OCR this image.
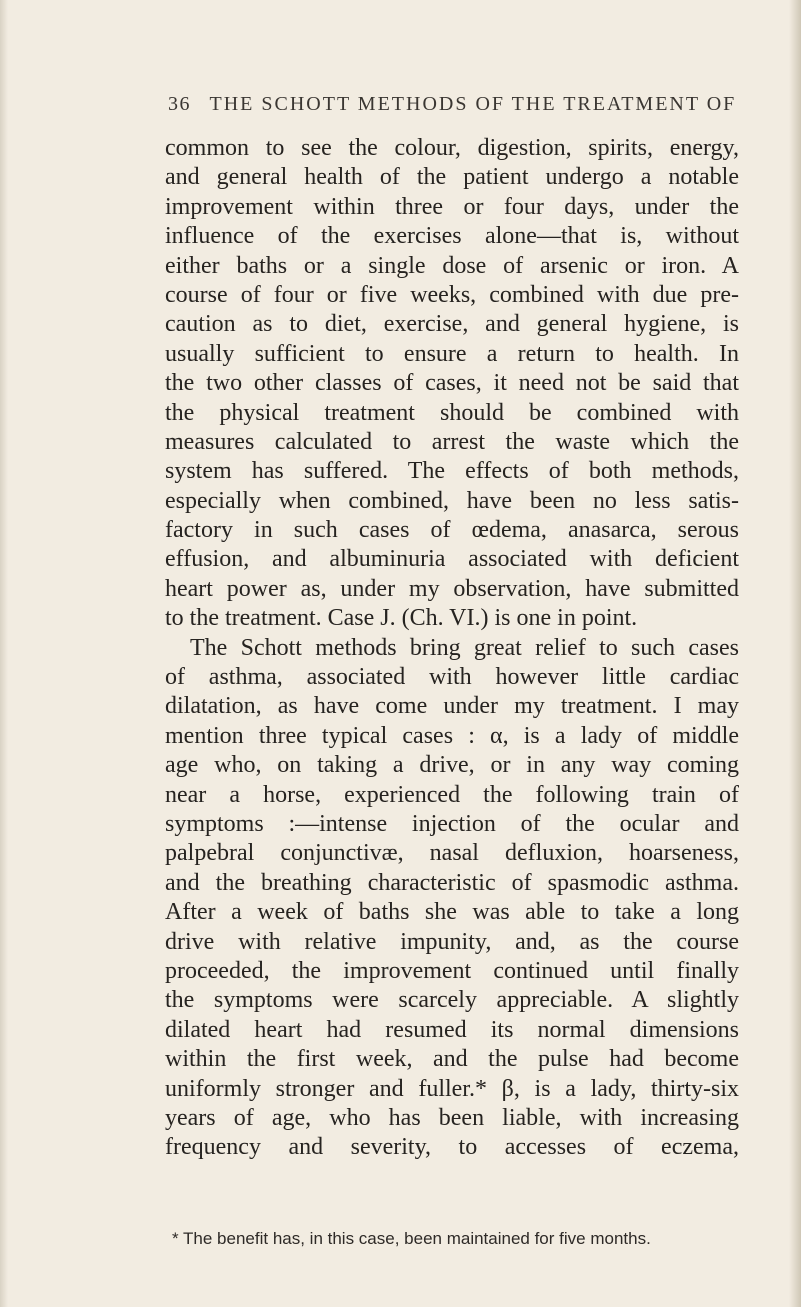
36 THE SCHOTT METHODS OF THE TREATMENT OF
common to see the colour, digestion, spirits, energy,
and general health of the patient undergo a notable
improvement within three or four days, under the
influence of the exercises alone—that is, without
either baths or a single dose of arsenic or iron. A
course of four or five weeks, combined with due pre-
caution as to diet, exercise, and general hygiene, is
usually sufficient to ensure a return to health. In
the two other classes of cases, it need not be said that
the physical treatment should be combined with
measures calculated to arrest the waste which the
system has suffered. The effects of both methods,
especially when combined, have been no less satis-
factory in such cases of œdema, anasarca, serous
effusion, and albuminuria associated with deficient
heart power as, under my observation, have submitted
to the treatment. Case J. (Ch. VI.) is one in point.
The Schott methods bring great relief to such cases
of asthma, associated with however little cardiac
dilatation, as have come under my treatment. I may
mention three typical cases : α, is a lady of middle
age who, on taking a drive, or in any way coming
near a horse, experienced the following train of
symptoms :—intense injection of the ocular and
palpebral conjunctivæ, nasal defluxion, hoarseness,
and the breathing characteristic of spasmodic asthma.
After a week of baths she was able to take a long
drive with relative impunity, and, as the course
proceeded, the improvement continued until finally
the symptoms were scarcely appreciable. A slightly
dilated heart had resumed its normal dimensions
within the first week, and the pulse had become
uniformly stronger and fuller.* β, is a lady, thirty-six
years of age, who has been liable, with increasing
frequency and severity, to accesses of eczema,
* The benefit has, in this case, been maintained for five months.
